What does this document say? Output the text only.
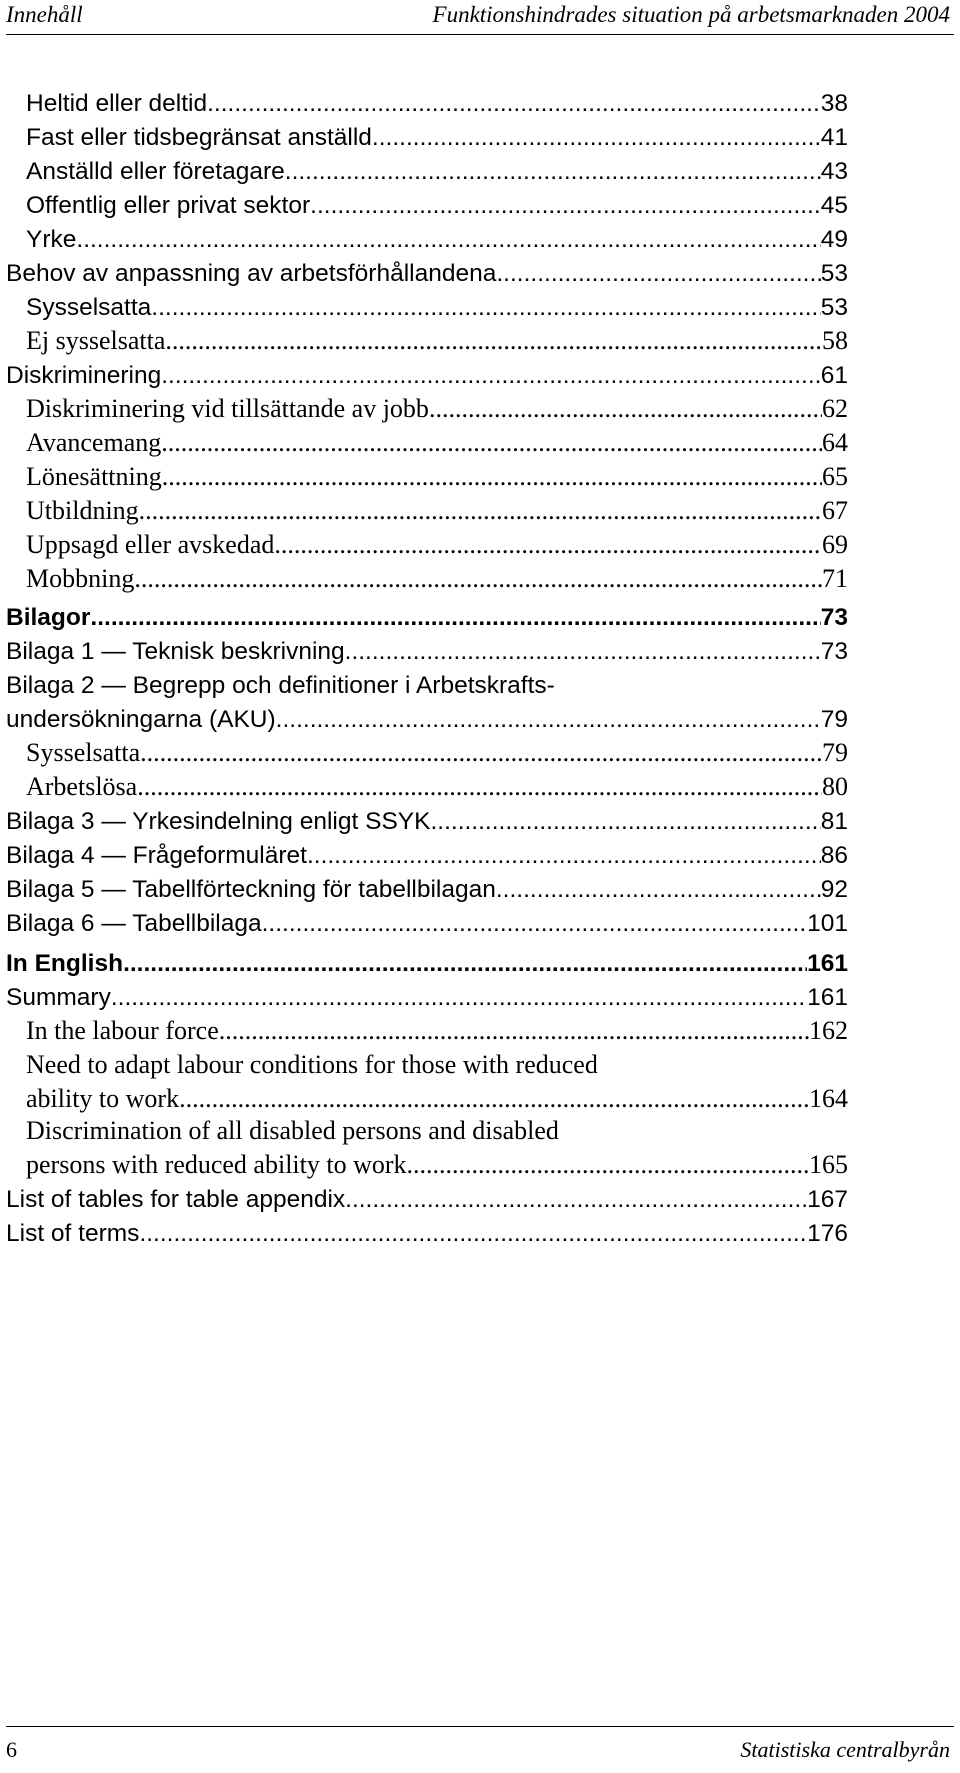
Innehåll	Funktionshindrades situation på arbetsmarknaden 2004
Heltid eller deltid .....	38
Fast eller tidsbegränsat anställd .....	41
Anställd eller företagare .....	43
Offentlig eller privat sektor .....	45
Yrke .....	49
Behov av anpassning av arbetsförhållandena .....	53
Sysselsatta .....	53
Ej sysselsatta .....	58
Diskriminering .....	61
Diskriminering vid tillsättande av jobb .....	62
Avancemang .....	64
Lönesättning .....	65
Utbildning .....	67
Uppsagd eller avskedad .....	69
Mobbning .....	71
Bilagor .....	73
Bilaga 1 — Teknisk beskrivning .....	73
Bilaga 2 — Begrepp och definitioner i Arbetskrafts-
undersökningarna (AKU) .....	79
Sysselsatta .....	79
Arbetslösa .....	80
Bilaga 3 — Yrkesindelning enligt SSYK .....	81
Bilaga 4 — Frågeformuläret .....	86
Bilaga 5 — Tabellförteckning för tabellbilagan .....	92
Bilaga 6 — Tabellbilaga .....	101
In English .....	161
Summary .....	161
In the labour force .....	162
Need to adapt labour conditions for those with reduced
ability to work .....	164
Discrimination of all disabled persons and disabled
persons with reduced ability to work .....	165
List of tables for table appendix .....	167
List of terms .....	176
6	Statistiska centralbyrån
